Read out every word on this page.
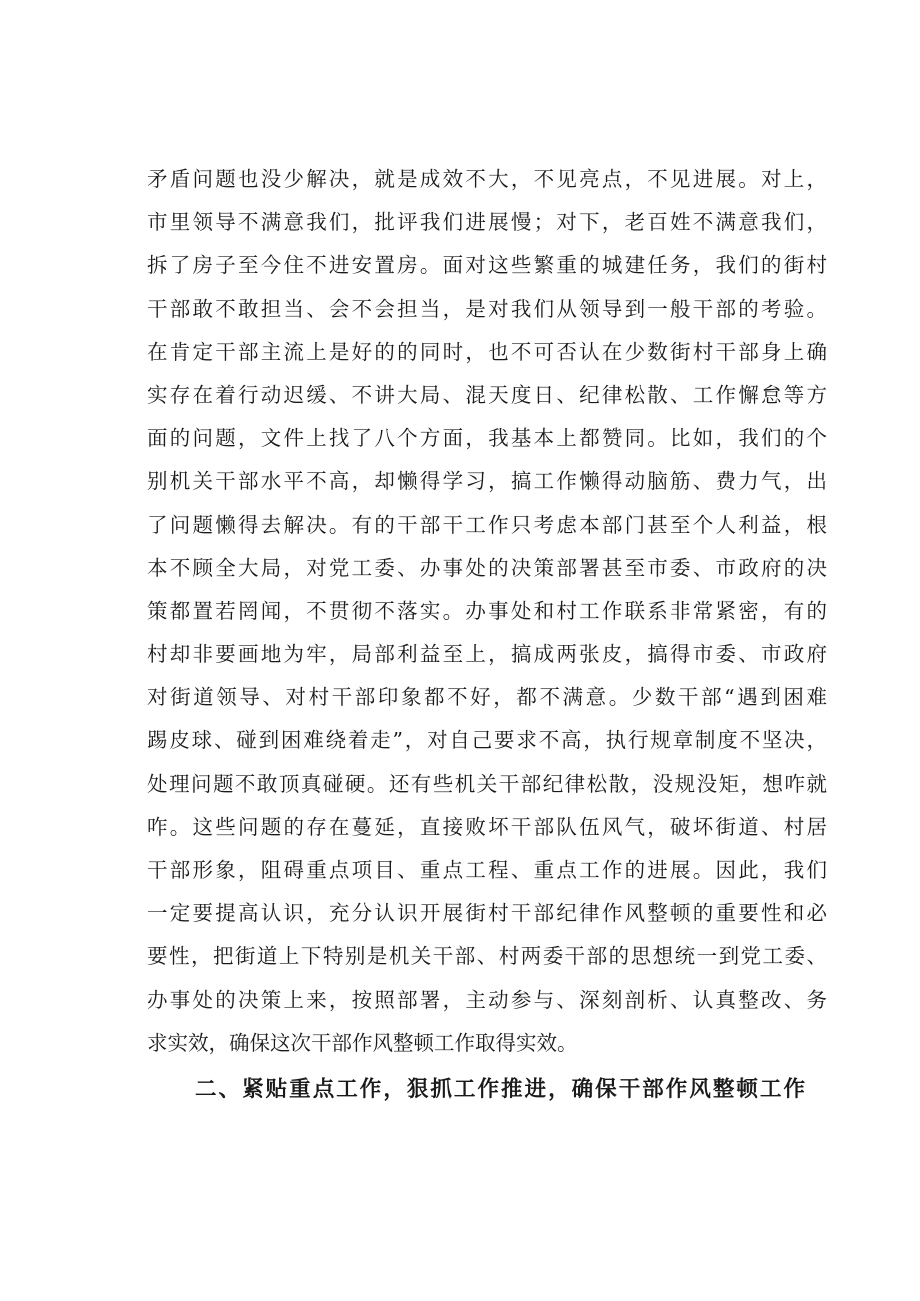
矛盾问题也没少解决，就是成效不大，不见亮点，不见进展。对上，
市里领导不满意我们，批评我们进展慢；对下，老百姓不满意我们，
拆了房子至今住不进安置房。面对这些繁重的城建任务，我们的街村
干部敢不敢担当、会不会担当，是对我们从领导到一般干部的考验。
在肯定干部主流上是好的的同时，也不可否认在少数街村干部身上确
实存在着行动迟缓、不讲大局、混天度日、纪律松散、工作懈怠等方
面的问题，文件上找了八个方面，我基本上都赞同。比如，我们的个
别机关干部水平不高，却懒得学习，搞工作懒得动脑筋、费力气，出
了问题懒得去解决。有的干部干工作只考虑本部门甚至个人利益，根
本不顾全大局，对党工委、办事处的决策部署甚至市委、市政府的决
策都置若罔闻，不贯彻不落实。办事处和村工作联系非常紧密，有的
村却非要画地为牢，局部利益至上，搞成两张皮，搞得市委、市政府
对街道领导、对村干部印象都不好，都不满意。少数干部“遇到困难
踢皮球、碰到困难绕着走”，对自己要求不高，执行规章制度不坚决，
处理问题不敢顶真碰硬。还有些机关干部纪律松散，没规没矩，想咋就
咋。这些问题的存在蔓延，直接败坏干部队伍风气，破坏街道、村居
干部形象，阻碍重点项目、重点工程、重点工作的进展。因此，我们
一定要提高认识，充分认识开展街村干部纪律作风整顿的重要性和必
要性，把街道上下特别是机关干部、村两委干部的思想统一到党工委、
办事处的决策上来，按照部署，主动参与、深刻剖析、认真整改、务
求实效，确保这次干部作风整顿工作取得实效。
二、紧贴重点工作，狠抓工作推进，确保干部作风整顿工作
